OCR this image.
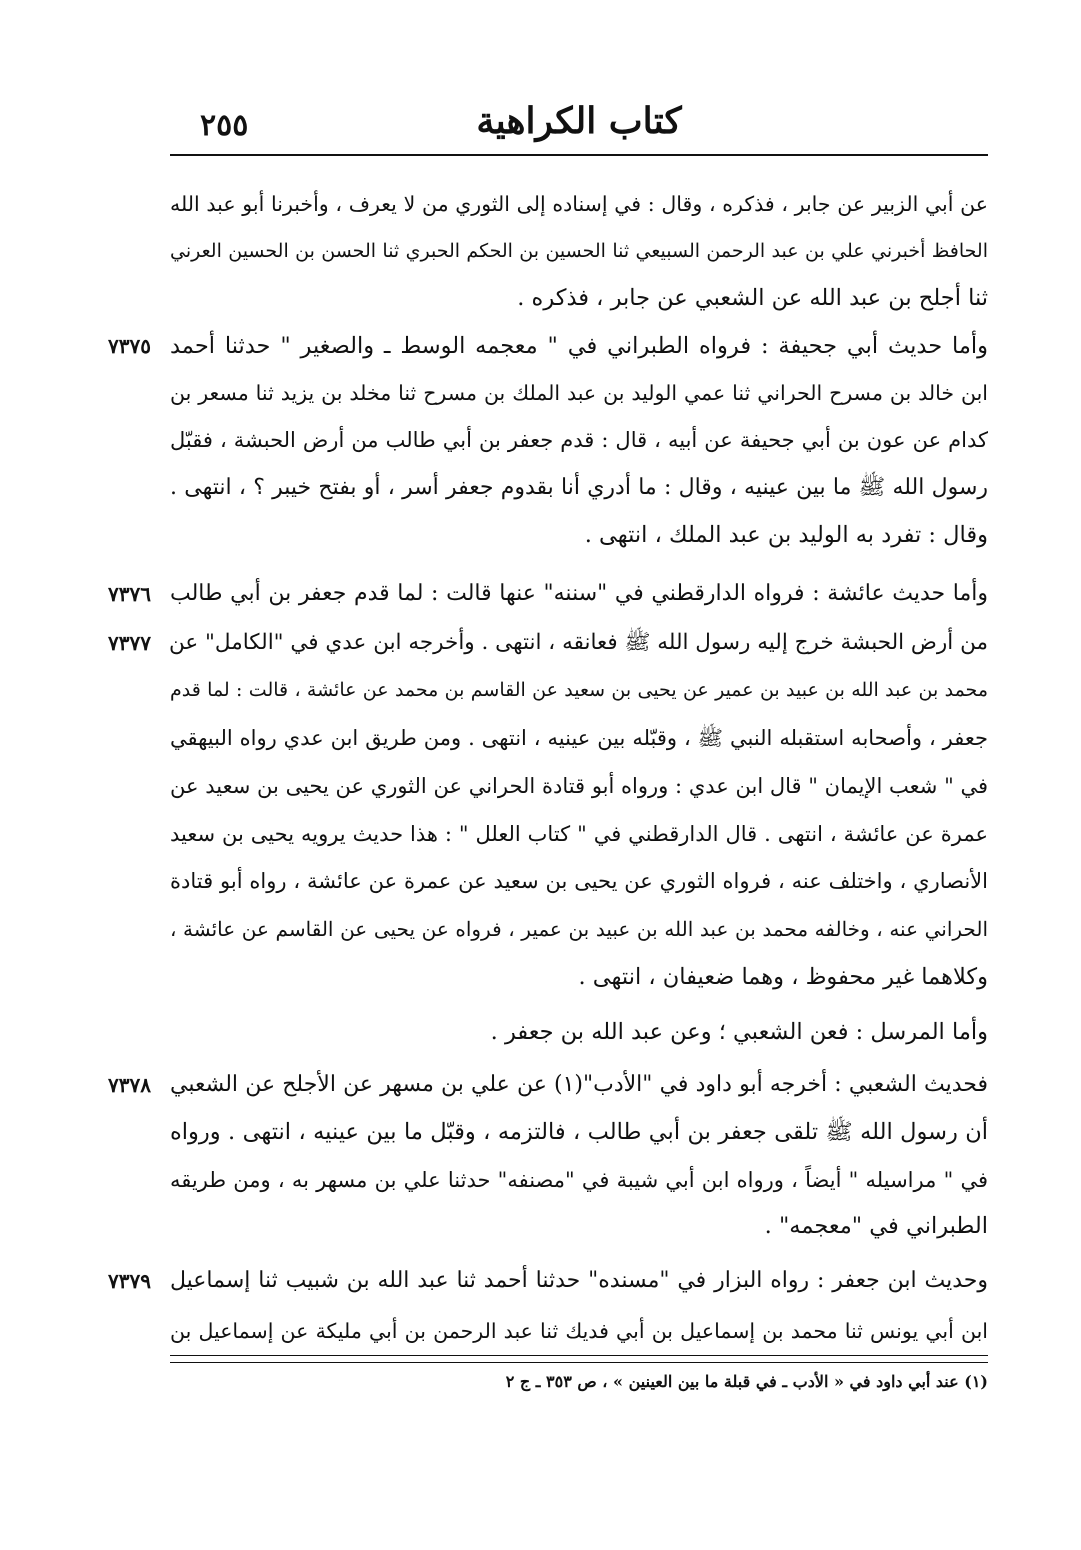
٢٥٥	كتاب الكراهية
عن أبي الزبير عن جابر ، فذكره ، وقال : في إسناده إلى الثوري من لا يعرف ، وأخبرنا أبو عبد الله
الحافظ أخبرني علي بن عبد الرحمن السبيعي ثنا الحسين بن الحكم الحبري ثنا الحسن بن الحسين العرني
ثنا أجلح بن عبد الله عن الشعبي عن جابر ، فذكره .
وأما حديث أبي جحيفة : فرواه الطبراني في " معجمه الوسط ـ والصغير " حدثنا أحمد
ابن خالد بن مسرح الحراني ثنا عمي الوليد بن عبد الملك بن مسرح ثنا مخلد بن يزيد ثنا مسعر بن
كدام عن عون بن أبي جحيفة عن أبيه ، قال : قدم جعفر بن أبي طالب من أرض الحبشة ، فقبّل
رسول الله ﷺ ما بين عينيه ، وقال : ما أدري أنا بقدوم جعفر أسر ، أو بفتح خيبر ؟ ، انتهى .
وقال : تفرد به الوليد بن عبد الملك ، انتهى .
وأما حديث عائشة : فرواه الدارقطني في "سننه" عنها قالت : لما قدم جعفر بن أبي طالب
من أرض الحبشة خرج إليه رسول الله ﷺ فعانقه ، انتهى . وأخرجه ابن عدي في "الكامل" عن
محمد بن عبد الله بن عبيد بن عمير عن يحيى بن سعيد عن القاسم بن محمد عن عائشة ، قالت : لما قدم
جعفر ، وأصحابه استقبله النبي ﷺ ، وقبّله بين عينيه ، انتهى . ومن طريق ابن عدي رواه البيهقي
في " شعب الإيمان " قال ابن عدي : ورواه أبو قتادة الحراني عن الثوري عن يحيى بن سعيد عن
عمرة عن عائشة ، انتهى . قال الدارقطني في " كتاب العلل " : هذا حديث يرويه يحيى بن سعيد
الأنصاري ، واختلف عنه ، فرواه الثوري عن يحيى بن سعيد عن عمرة عن عائشة ، رواه أبو قتادة
الحراني عنه ، وخالفه محمد بن عبد الله بن عبيد بن عمير ، فرواه عن يحيى عن القاسم عن عائشة ،
وكلاهما غير محفوظ ، وهما ضعيفان ، انتهى .
وأما المرسل : فعن الشعبي ؛ وعن عبد الله بن جعفر .
فحديث الشعبي : أخرجه أبو داود في "الأدب"(١) عن علي بن مسهر عن الأجلح عن الشعبي
أن رسول الله ﷺ تلقى جعفر بن أبي طالب ، فالتزمه ، وقبّل ما بين عينيه ، انتهى . ورواه
في " مراسيله " أيضاً ، ورواه ابن أبي شيبة في "مصنفه" حدثنا علي بن مسهر به ، ومن طريقه
الطبراني في "معجمه" .
وحديث ابن جعفر : رواه البزار في "مسنده" حدثنا أحمد ثنا عبد الله بن شبيب ثنا إسماعيل
ابن أبي يونس ثنا محمد بن إسماعيل بن أبي فديك ثنا عبد الرحمن بن أبي مليكة عن إسماعيل بن
٧٣٧٥
٧٣٧٦
٧٣٧٧
٧٣٧٨
٧٣٧٩
(١) عند أبي داود في « الأدب ـ في قبلة ما بين العينين » ، ص ٣٥٣ ـ ج ٢
